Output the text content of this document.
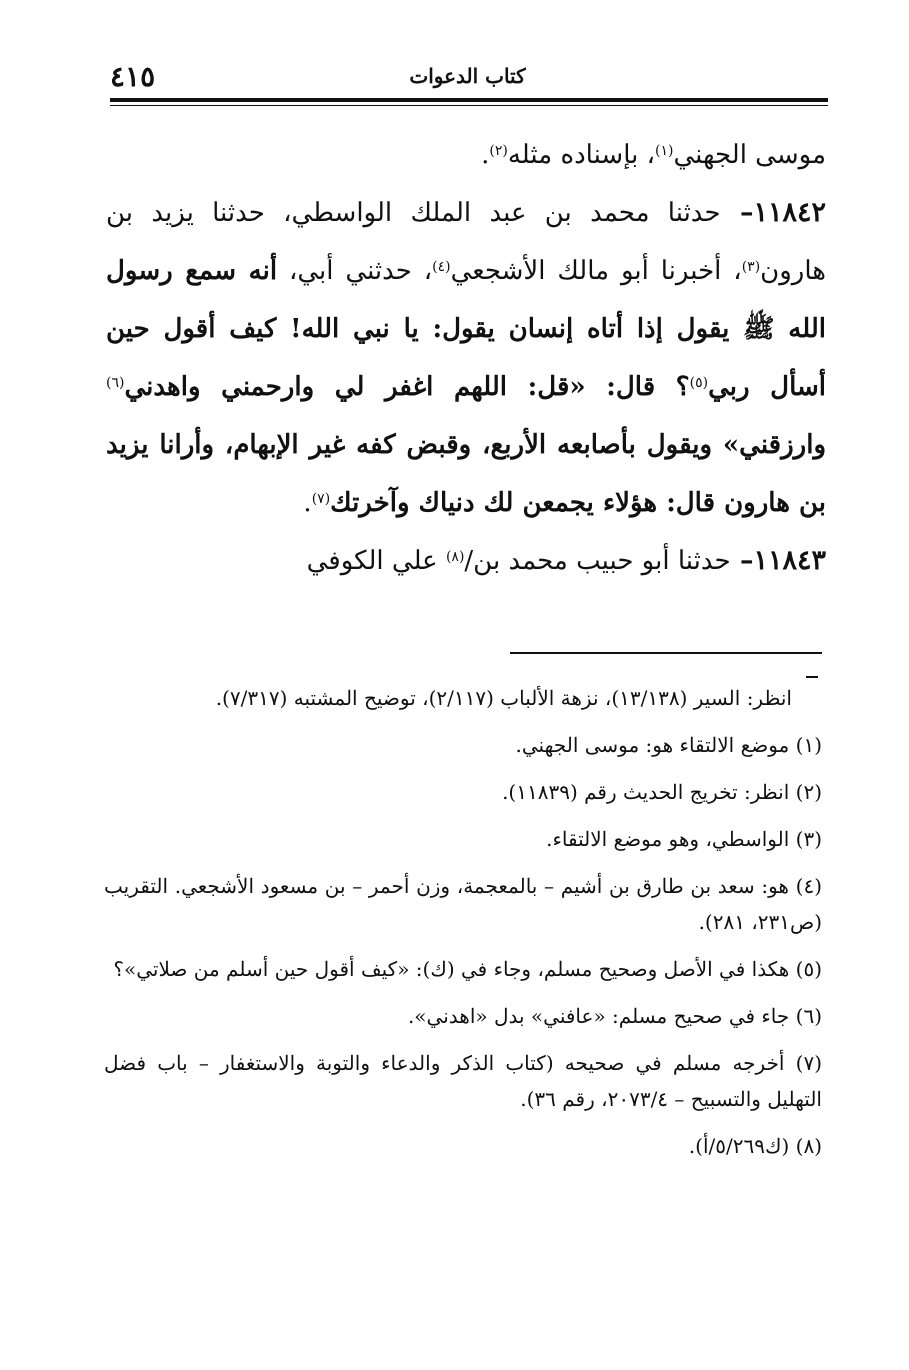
٤١٥	كتاب الدعوات

موسى الجهني$^{(١)}$، بإسناده مثله$^{(٢)}$.

١١٨٤٢– حدثنا محمد بن عبد الملك الواسطي، حدثنا يزيد بن هارون$^{(٣)}$، أخبرنا أبو مالك الأشجعي$^{(٤)}$، حدثني أبي، أنه سمع رسول الله ﷺ يقول إذا أتاه إنسان يقول: يا نبي الله! كيف أقول حين أسأل ربي$^{(٥)}$؟ قال: «قل: اللهم اغفر لي وارحمني واهدني$^{(٦)}$ وارزقني» ويقول بأصابعه الأربع، وقبض كفه غير الإبهام، وأرانا يزيد بن هارون قال: هؤلاء يجمعن لك دنياك وآخرتك$^{(٧)}$.

١١٨٤٣– حدثنا أبو حبيب محمد بن/$^{(٨)}$ علي الكوفي

انظر: السير (١٣/١٣٨)، نزهة الألباب (٢/١١٧)، توضيح المشتبه (٧/٣١٧).

(١) موضع الالتقاء هو: موسى الجهني.

(٢) انظر: تخريج الحديث رقم (١١٨٣٩).

(٣) الواسطي، وهو موضع الالتقاء.

(٤) هو: سعد بن طارق بن أشيم – بالمعجمة، وزن أحمر – بن مسعود الأشجعي. التقريب (ص٢٣١، ٢٨١).

(٥) هكذا في الأصل وصحيح مسلم، وجاء في (ك): «كيف أقول حين أسلم من صلاتي»؟

(٦) جاء في صحيح مسلم: «عافني» بدل «اهدني».

(٧) أخرجه مسلم في صحيحه (كتاب الذكر والدعاء والتوبة والاستغفار – باب فضل التهليل والتسبيح – ٢٠٧٣/٤، رقم ٣٦).

(٨) (ك٥/٢٦٩/أ).
